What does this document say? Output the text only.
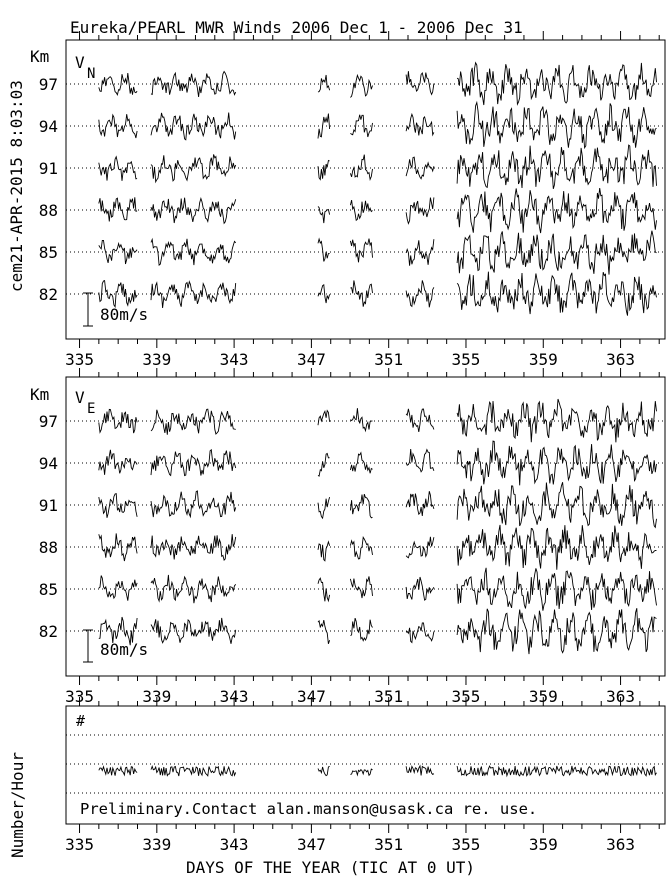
Eureka/PEARL MWR Winds 2006 Dec 1 - 2006 Dec 31
cem21-APR-2015 8:03:03
Km V
N
82
85
88
91
94
97
80m/s
335	339	343	347	351	355	359	363
Km V
E
82
85
88
91
94
97
80m/s
335	339	343	347	351	355	359	363
Number/Hour
#
Preliminary.Contact alan.manson@usask.ca re. use.
335	339	343	347	351	355	359	363
DAYS OF THE YEAR (TIC AT 0 UT)
